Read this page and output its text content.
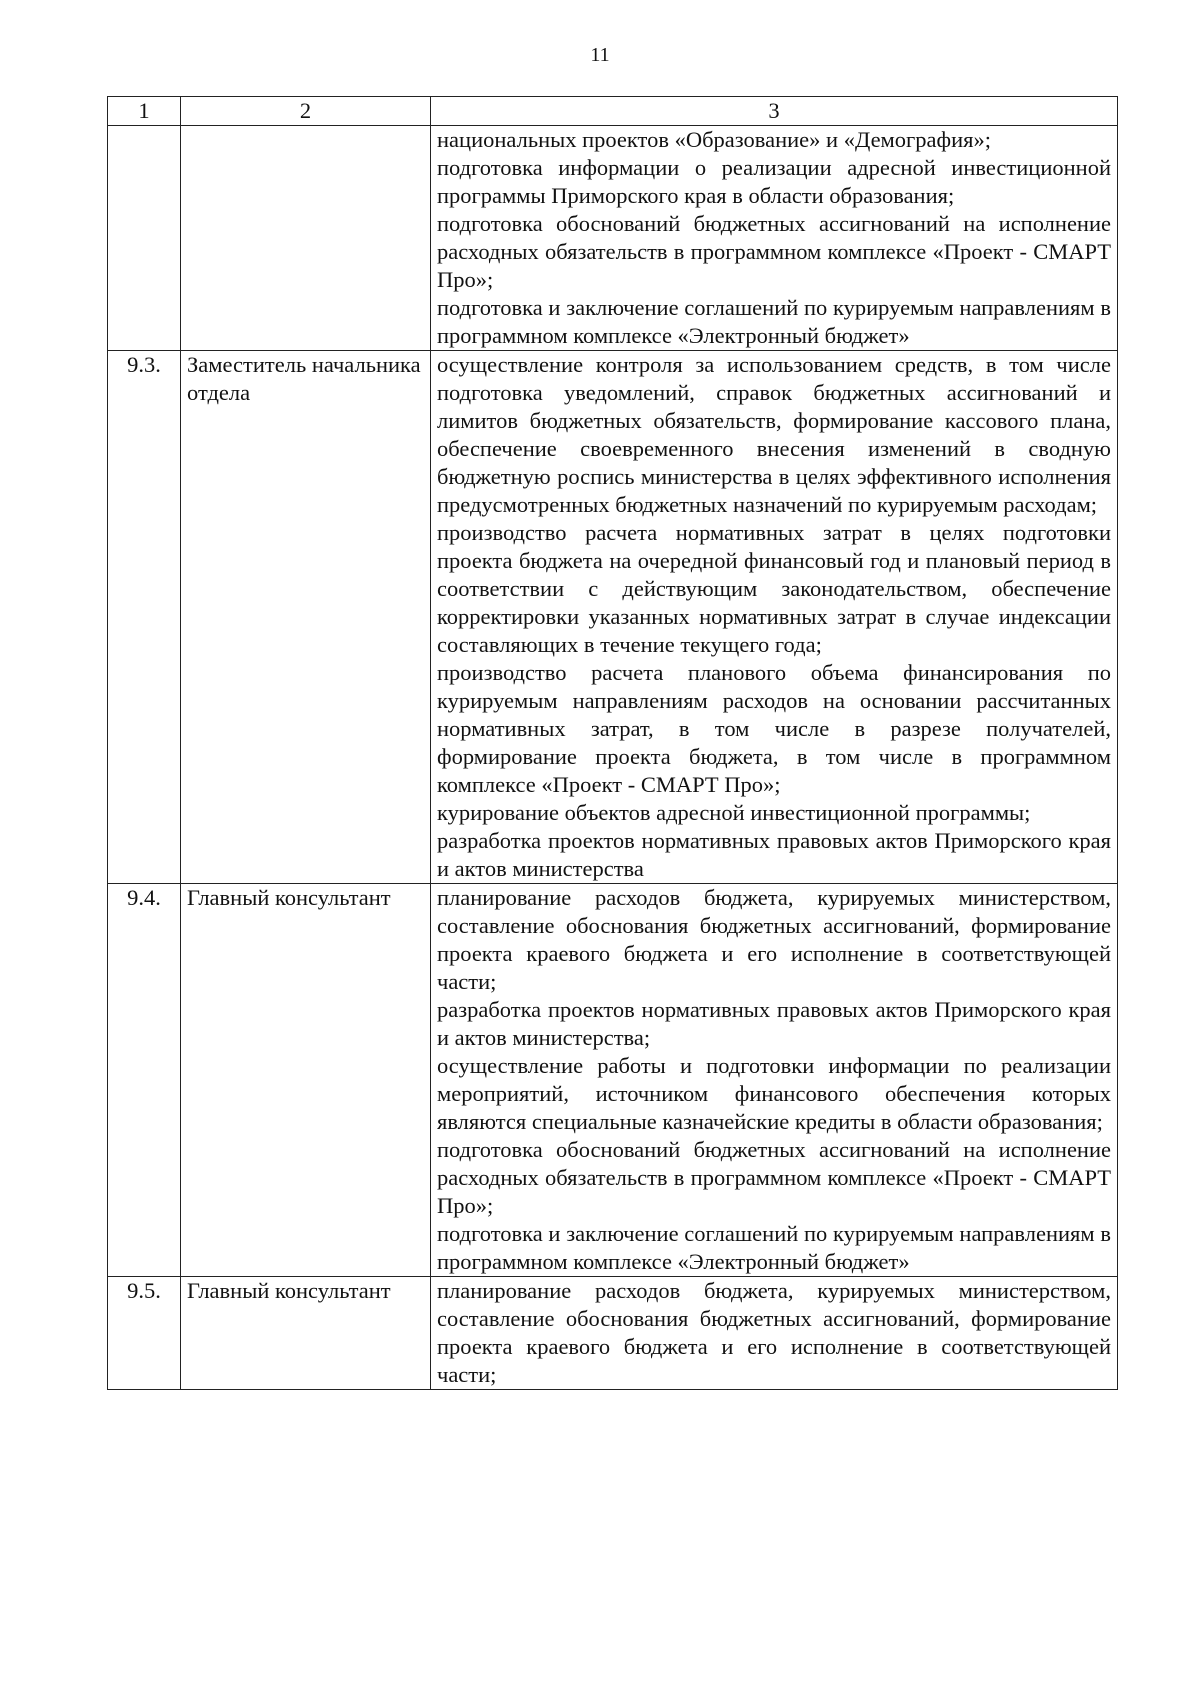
11
1	2	3

		национальных проектов «Образование» и «Демография»;
подготовка информации о реализации адресной инвестиционной программы Приморского края в области образования;
подготовка обоснований бюджетных ассигнований на исполнение расходных обязательств в программном комплексе «Проект - СМАРТ Про»;
подготовка и заключение соглашений по курируемым направлениям в программном комплексе «Электронный бюджет»

9.3.	Заместитель начальника отдела	осуществление контроля за использованием средств, в том числе подготовка уведомлений, справок бюджетных ассигнований и лимитов бюджетных обязательств, формирование кассового плана, обеспечение своевременного внесения изменений в сводную бюджетную роспись министерства в целях эффективного исполнения предусмотренных бюджетных назначений по курируемым расходам;
производство расчета нормативных затрат в целях подготовки проекта бюджета на очередной финансовый год и плановый период в соответствии с действующим законодательством, обеспечение корректировки указанных нормативных затрат в случае индексации составляющих в течение текущего года;
производство расчета планового объема финансирования по курируемым направлениям расходов на основании рассчитанных нормативных затрат, в том числе в разрезе получателей, формирование проекта бюджета, в том числе в программном комплексе «Проект - СМАРТ Про»;
курирование объектов адресной инвестиционной программы;
разработка проектов нормативных правовых актов Приморского края и актов министерства

9.4.	Главный консультант	планирование расходов бюджета, курируемых министерством, составление обоснования бюджетных ассигнований, формирование проекта краевого бюджета и его исполнение в соответствующей части;
разработка проектов нормативных правовых актов Приморского края и актов министерства;
осуществление работы и подготовки информации по реализации мероприятий, источником финансового обеспечения которых являются специальные казначейские кредиты в области образования;
подготовка обоснований бюджетных ассигнований на исполнение расходных обязательств в программном комплексе «Проект - СМАРТ Про»;
подготовка и заключение соглашений по курируемым направлениям в программном комплексе «Электронный бюджет»

9.5.	Главный консультант	планирование расходов бюджета, курируемых министерством, составление обоснования бюджетных ассигнований, формирование проекта краевого бюджета и его исполнение в соответствующей части;
